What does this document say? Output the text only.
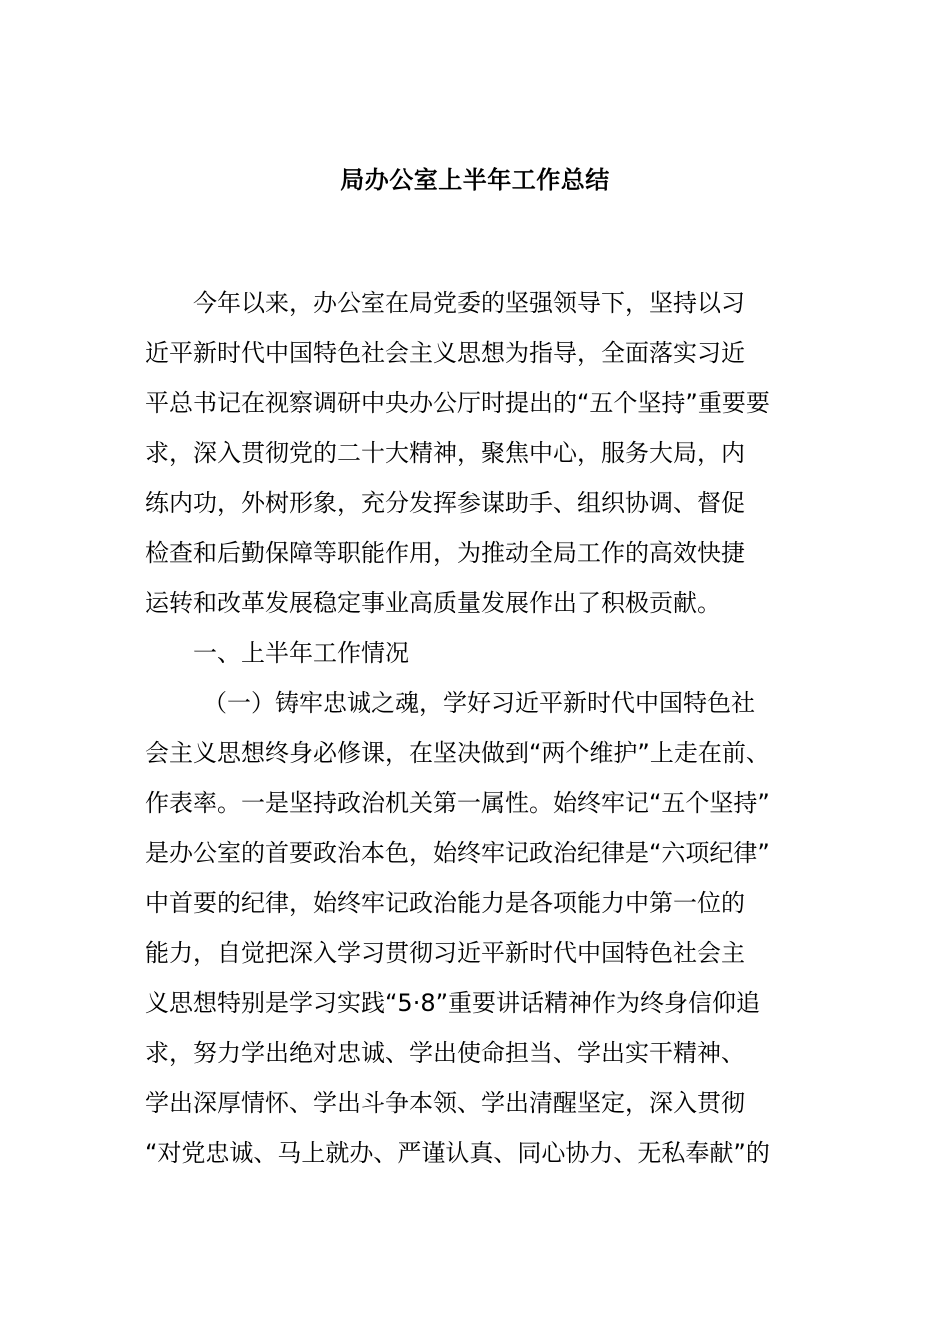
局办公室上半年工作总结
今年以来，办公室在局党委的坚强领导下，坚持以习
近平新时代中国特色社会主义思想为指导，全面落实习近
平总书记在视察调研中央办公厅时提出的“五个坚持”重要要
求，深入贯彻党的二十大精神，聚焦中心，服务大局，内
练内功，外树形象，充分发挥参谋助手、组织协调、督促
检查和后勤保障等职能作用，为推动全局工作的高效快捷
运转和改革发展稳定事业高质量发展作出了积极贡献。
一、上半年工作情况
（一）铸牢忠诚之魂，学好习近平新时代中国特色社
会主义思想终身必修课，在坚决做到“两个维护”上走在前、
作表率。一是坚持政治机关第一属性。始终牢记“五个坚持”
是办公室的首要政治本色，始终牢记政治纪律是“六项纪律”
中首要的纪律，始终牢记政治能力是各项能力中第一位的
能力，自觉把深入学习贯彻习近平新时代中国特色社会主
义思想特别是学习实践“5·8”重要讲话精神作为终身信仰追
求，努力学出绝对忠诚、学出使命担当、学出实干精神、
学出深厚情怀、学出斗争本领、学出清醒坚定，深入贯彻
“对党忠诚、马上就办、严谨认真、同心协力、无私奉献”的
